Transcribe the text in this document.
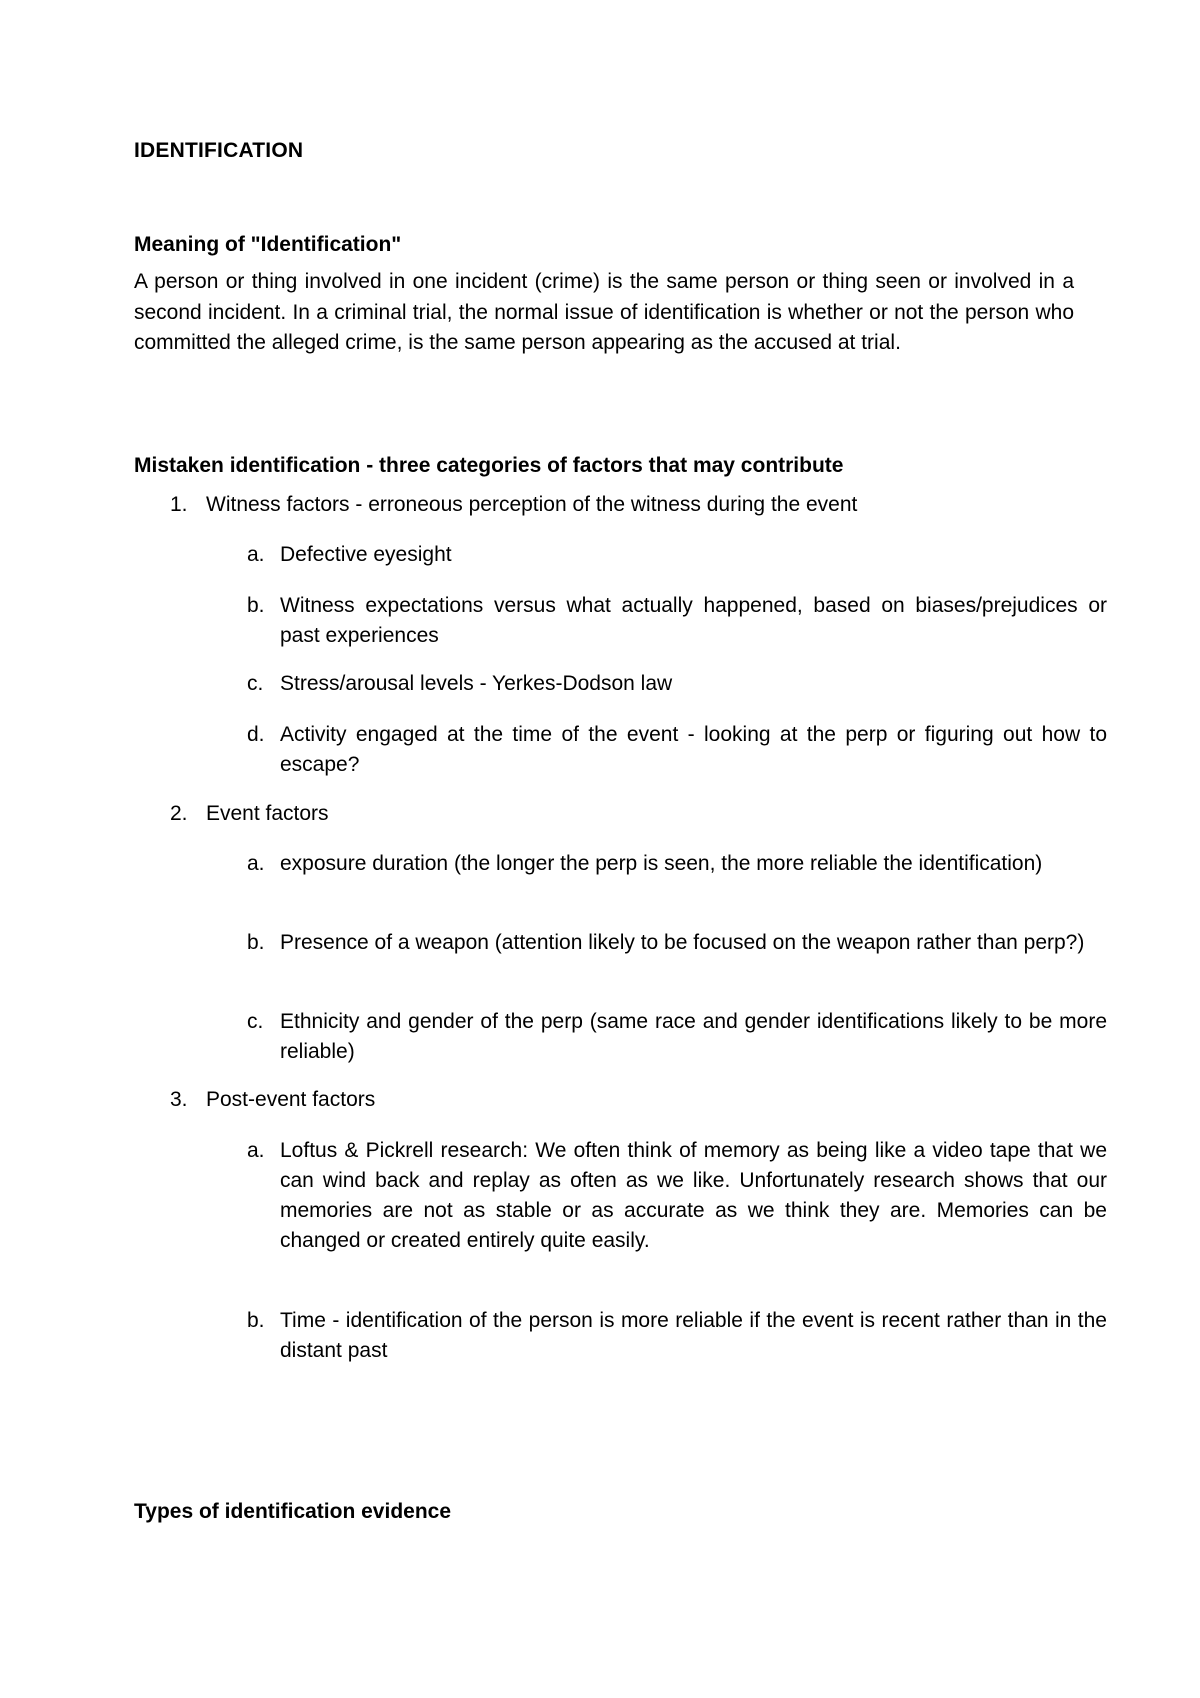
IDENTIFICATION
Meaning of "Identification"

A person or thing involved in one incident (crime) is the same person or thing seen or involved in a second incident. In a criminal trial, the normal issue of identification is whether or not the person who committed the alleged crime, is the same person appearing as the accused at trial.

Mistaken identification - three categories of factors that may contribute
1. Witness factors - erroneous perception of the witness during the event
a. Defective eyesight
b. Witness expectations versus what actually happened, based on biases/prejudices or past experiences
c. Stress/arousal levels - Yerkes-Dodson law
d. Activity engaged at the time of the event - looking at the perp or figuring out how to escape?
2. Event factors
a. exposure duration (the longer the perp is seen, the more reliable the identification)
b. Presence of a weapon (attention likely to be focused on the weapon rather than perp?)
c. Ethnicity and gender of the perp (same race and gender identifications likely to be more reliable)
3. Post-event factors
a. Loftus & Pickrell research: We often think of memory as being like a video tape that we can wind back and replay as often as we like. Unfortunately research shows that our memories are not as stable or as accurate as we think they are. Memories can be changed or created entirely quite easily.
b. Time - identification of the person is more reliable if the event is recent rather than in the distant past
Types of identification evidence
